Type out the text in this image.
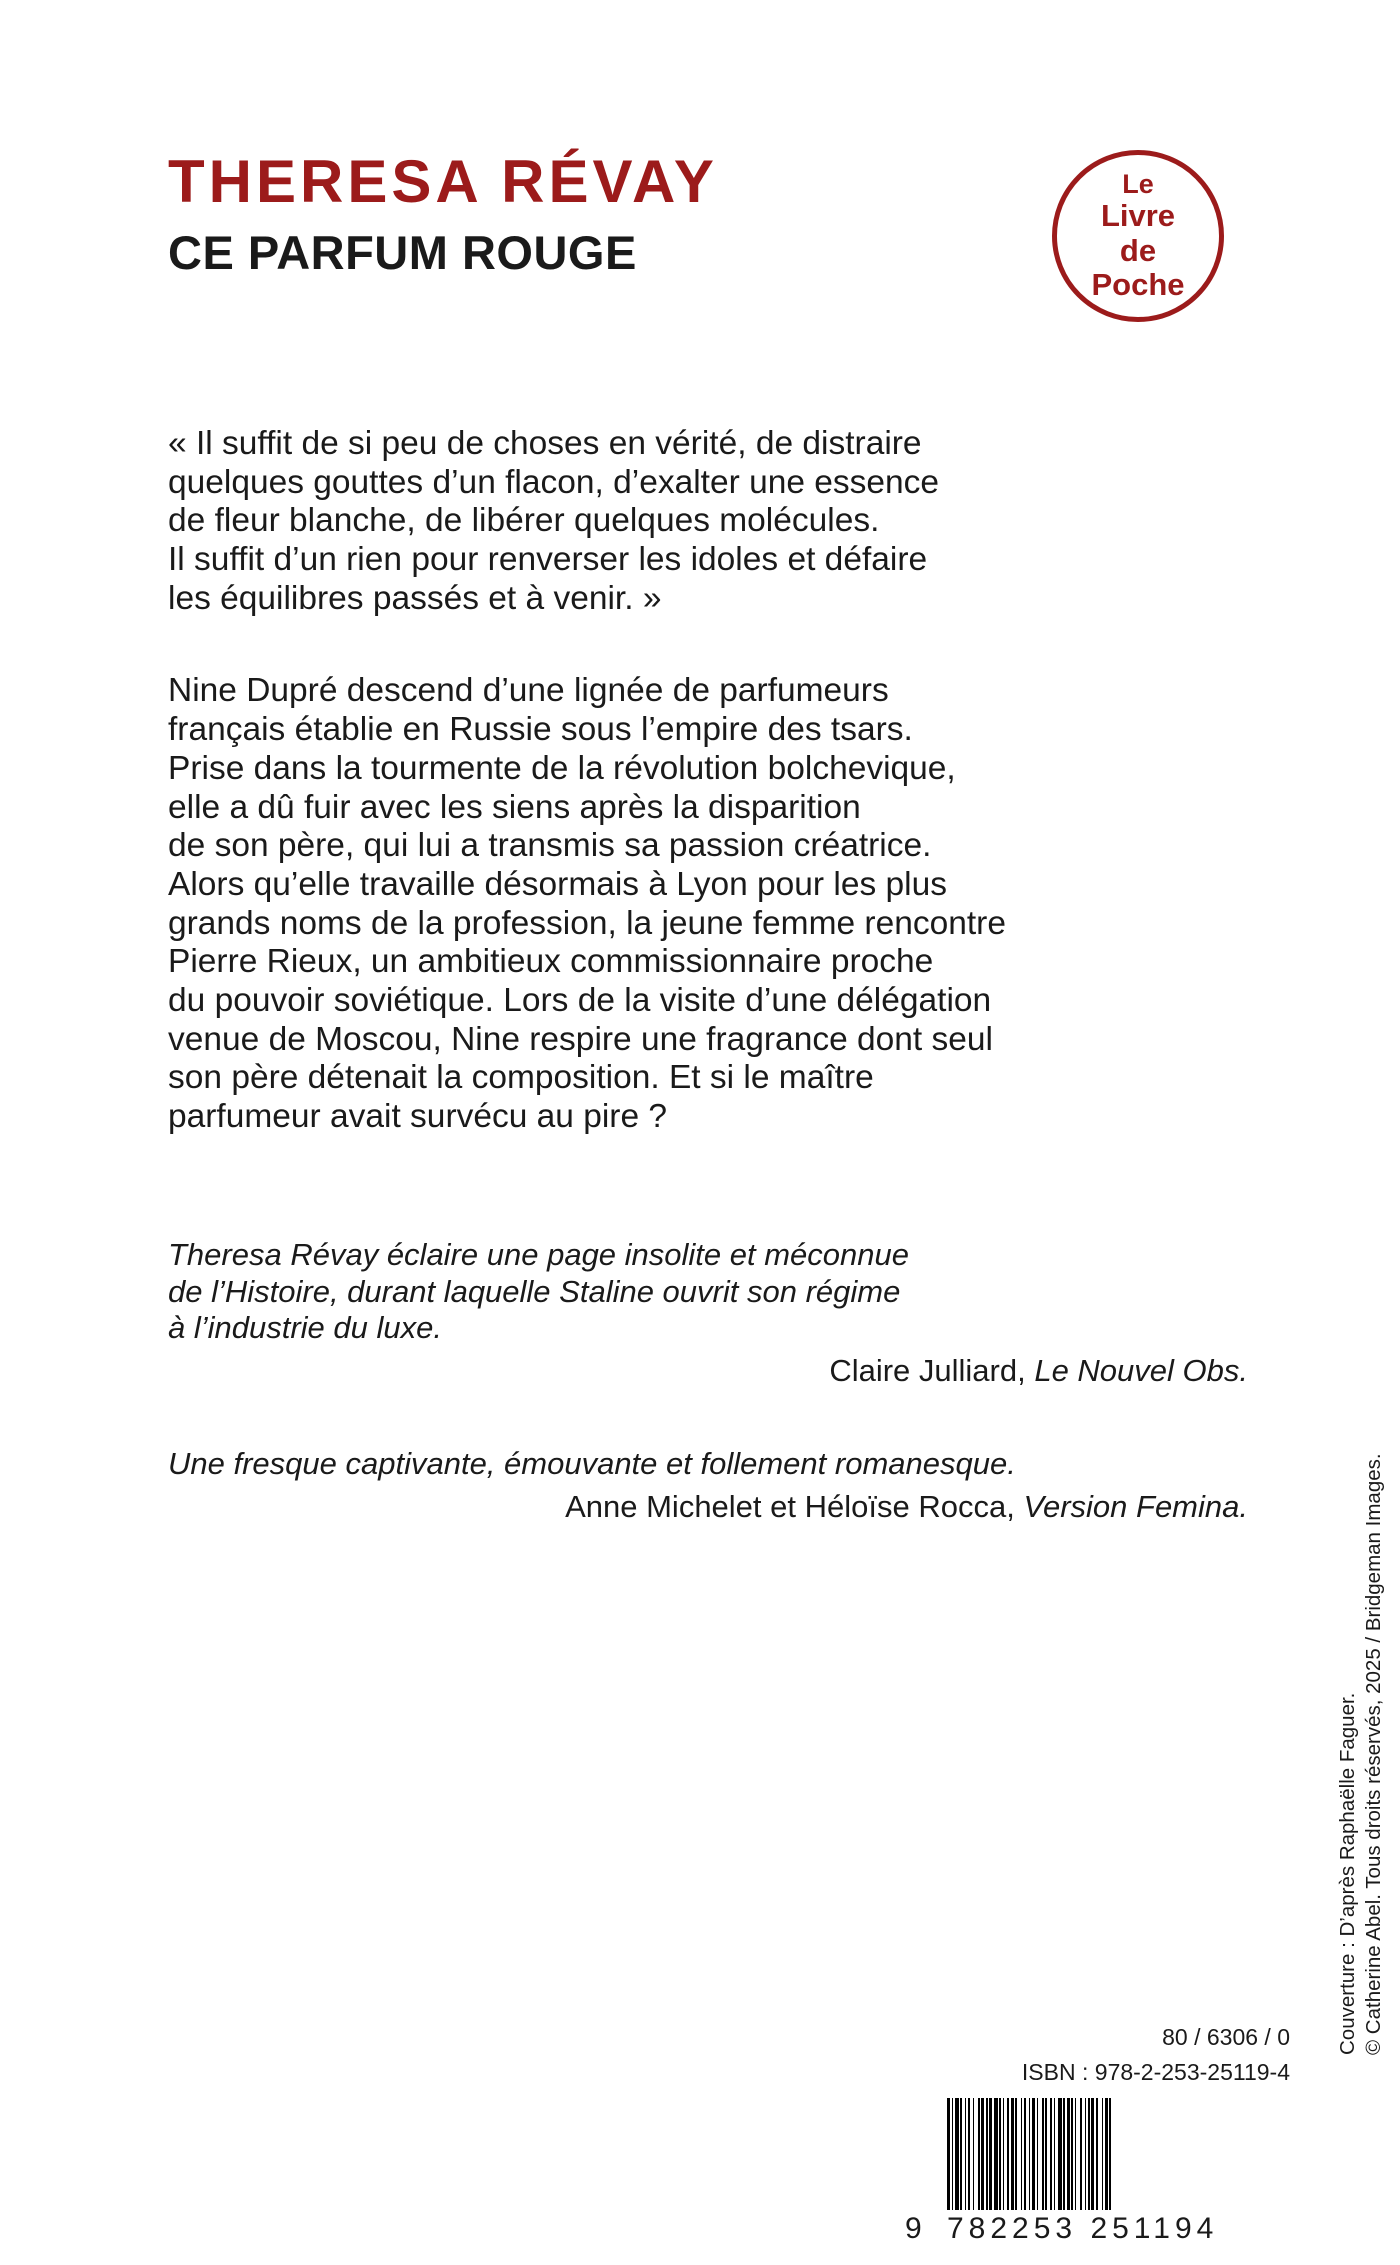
THERESA RÉVAY
CE PARFUM ROUGE
Le
Livre
de
Poche

« Il suffit de si peu de choses en vérité, de distraire

quelques gouttes d’un flacon, d’exalter une essence

de fleur blanche, de libérer quelques molécules.

Il suffit d’un rien pour renverser les idoles et défaire

les équilibres passés et à venir. »

Nine Dupré descend d’une lignée de parfumeurs

français établie en Russie sous l’empire des tsars.

Prise dans la tourmente de la révolution bolchevique,

elle a dû fuir avec les siens après la disparition

de son père, qui lui a transmis sa passion créatrice.

Alors qu’elle travaille désormais à Lyon pour les plus

grands noms de la profession, la jeune femme rencontre

Pierre Rieux, un ambitieux commissionnaire proche

du pouvoir soviétique. Lors de la visite d’une délégation

venue de Moscou, Nine respire une fragrance dont seul

son père détenait la composition. Et si le maître

parfumeur avait survécu au pire ?

Theresa Révay éclaire une page insolite et méconnue

de l’Histoire, durant laquelle Staline ouvrit son régime

à l’industrie du luxe.

Claire Julliard, Le Nouvel Obs.

Une fresque captivante, émouvante et follement romanesque.

Anne Michelet et Héloïse Rocca, Version Femina.
Couverture : D’après Raphaëlle Faguer. © Catherine Abel. Tous droits réservés, 2025 / Bridgeman Images.
80 / 6306 / 0
ISBN : 978-2-253-25119-4
9 782253 251194
